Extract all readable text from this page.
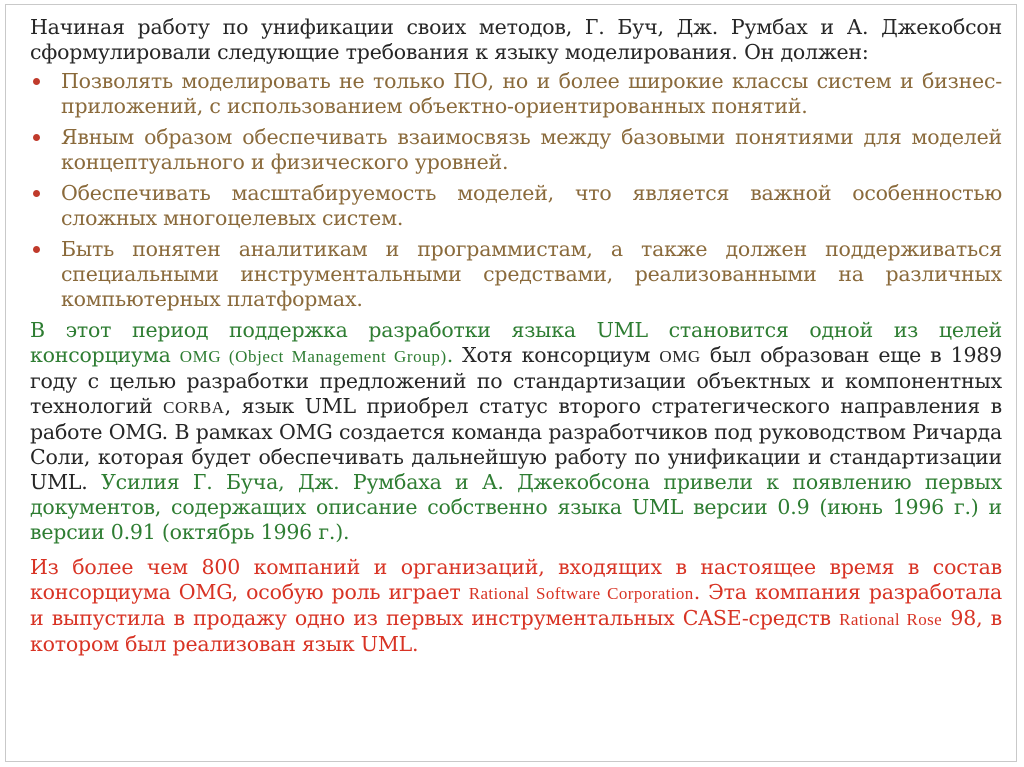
Начиная работу по унификации своих методов, Г. Буч, Дж. Румбах и А. Джекобсон сформулировали следующие требования к языку моделирования. Он должен:

Позволять моделировать не только ПО, но и более широкие классы систем и бизнес-приложений, с использованием объектно-ориентированных понятий.
Явным образом обеспечивать взаимосвязь между базовыми понятиями для моделей концептуального и физического уровней.
Обеспечивать масштабируемость моделей, что является важной особенностью сложных многоцелевых систем.
Быть понятен аналитикам и программистам, а также должен поддерживаться специальными инструментальными средствами, реализованными на различных компьютерных платформах.

В этот период поддержка разработки языка UML становится одной из целей консорциума OMG (Object Management Group). Хотя консорциум OMG был образован еще в 1989 году с целью разработки предложений по стандартизации объектных и компонентных технологий CORBA, язык UML приобрел статус второго стратегического направления в работе OMG. В рамках OMG создается команда разработчиков под руководством Ричарда Соли, которая будет обеспечивать дальнейшую работу по унификации и стандартизации UML. Усилия Г. Буча, Дж. Румбаха и А. Джекобсона привели к появлению первых документов, содержащих описание собственно языка UML версии 0.9 (июнь 1996 г.) и версии 0.91 (октябрь 1996 г.).

Из более чем 800 компаний и организаций, входящих в настоящее время в состав консорциума OMG, особую роль играет Rational Software Corporation. Эта компания разработала и выпустила в продажу одно из первых инструментальных CASE-средств Rational Rose 98, в котором был реализован язык UML.
